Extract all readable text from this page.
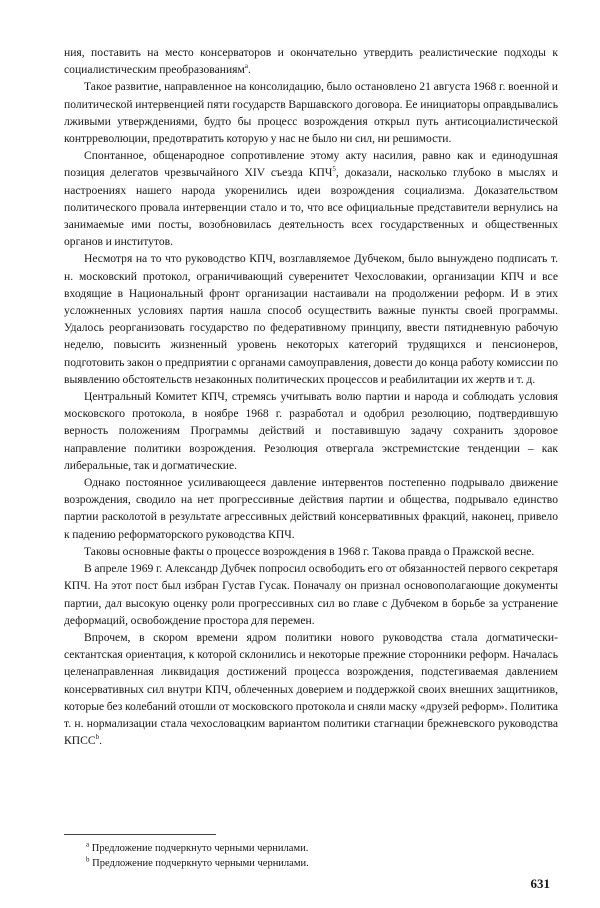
ния, поставить на место консерваторов и окончательно утвердить реалистические подходы к социалистическим преобразованиям$^a$.

Такое развитие, направленное на консолидацию, было остановлено 21 августа 1968 г. военной и политической интервенцией пяти государств Варшавского договора. Ее инициаторы оправдывались лживыми утверждениями, будто бы процесс возрождения открыл путь антисоциалистической контрреволюции, предотвратить которую у нас не было ни сил, ни решимости.

Спонтанное, общенародное сопротивление этому акту насилия, равно как и единодушная позиция делегатов чрезвычайного XIV съезда КПЧ$^5$, доказали, насколько глубоко в мыслях и настроениях нашего народа укоренились идеи возрождения социализма. Доказательством политического провала интервенции стало и то, что все официальные представители вернулись на занимаемые ими посты, возобновилась деятельность всех государственных и общественных органов и институтов.

Несмотря на то что руководство КПЧ, возглавляемое Дубчеком, было вынуждено подписать т. н. московский протокол, ограничивающий суверенитет Чехословакии, организации КПЧ и все входящие в Национальный фронт организации настаивали на продолжении реформ. И в этих усложненных условиях партия нашла способ осуществить важные пункты своей программы. Удалось реорганизовать государство по федеративному принципу, ввести пятидневную рабочую неделю, повысить жизненный уровень некоторых категорий трудящихся и пенсионеров, подготовить закон о предприятии с органами самоуправления, довести до конца работу комиссии по выявлению обстоятельств незаконных политических процессов и реабилитации их жертв и т. д.

Центральный Комитет КПЧ, стремясь учитывать волю партии и народа и соблюдать условия московского протокола, в ноябре 1968 г. разработал и одобрил резолюцию, подтвердившую верность положениям Программы действий и поставившую задачу сохранить здоровое направление политики возрождения. Резолюция отвергала экстремистские тенденции – как либеральные, так и догматические.

Однако постоянное усиливающееся давление интервентов постепенно подрывало движение возрождения, сводило на нет прогрессивные действия партии и общества, подрывало единство партии расколотой в результате агрессивных действий консервативных фракций, наконец, привело к падению реформаторского руководства КПЧ.

Таковы основные факты о процессе возрождения в 1968 г. Такова правда о Пражской весне.

В апреле 1969 г. Александр Дубчек попросил освободить его от обязанностей первого секретаря КПЧ. На этот пост был избран Густав Гусак. Поначалу он признал основополагающие документы партии, дал высокую оценку роли прогрессивных сил во главе с Дубчеком в борьбе за устранение деформаций, освобождение простора для перемен.

Впрочем, в скором времени ядром политики нового руководства стала догматически-сектантская ориентация, к которой склонились и некоторые прежние сторонники реформ. Началась целенаправленная ликвидация достижений процесса возрождения, подстегиваемая давлением консервативных сил внутри КПЧ, облеченных доверием и поддержкой своих внешних защитников, которые без колебаний отошли от московского протокола и сняли маску «друзей реформ». Политика т. н. нормализации стала чехословацким вариантом политики стагнации брежневского руководства КПСС$^b$.

$^a$ Предложение подчеркнуто черными чернилами.
$^b$ Предложение подчеркнуто черными чернилами.
631
